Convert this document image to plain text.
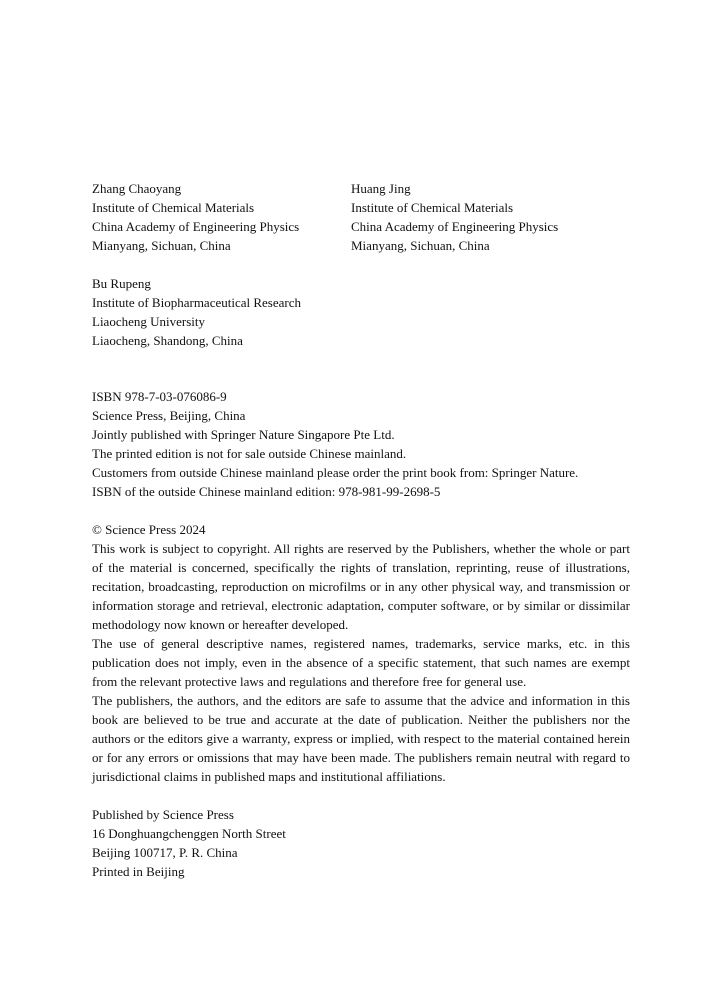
Zhang Chaoyang

Institute of Chemical Materials

China Academy of Engineering Physics

Mianyang, Sichuan, China

Huang Jing

Institute of Chemical Materials

China Academy of Engineering Physics

Mianyang, Sichuan, China

Bu Rupeng

Institute of Biopharmaceutical Research

Liaocheng University

Liaocheng, Shandong, China

ISBN 978-7-03-076086-9

Science Press, Beijing, China

Jointly published with Springer Nature Singapore Pte Ltd.

The printed edition is not for sale outside Chinese mainland.

Customers from outside Chinese mainland please order the print book from: Springer Nature.

ISBN of the outside Chinese mainland edition: 978-981-99-2698-5

© Science Press 2024

This work is subject to copyright. All rights are reserved by the Publishers, whether the whole or part of the material is concerned, specifically the rights of translation, reprinting, reuse of illustrations, recitation, broadcasting, reproduction on microfilms or in any other physical way, and transmission or information storage and retrieval, electronic adaptation, computer software, or by similar or dissimilar methodology now known or hereafter developed.

The use of general descriptive names, registered names, trademarks, service marks, etc. in this publication does not imply, even in the absence of a specific statement, that such names are exempt from the relevant protective laws and regulations and therefore free for general use.

The publishers, the authors, and the editors are safe to assume that the advice and information in this book are believed to be true and accurate at the date of publication. Neither the publishers nor the authors or the editors give a warranty, express or implied, with respect to the material contained herein or for any errors or omissions that may have been made. The publishers remain neutral with regard to jurisdictional claims in published maps and institutional affiliations.

Published by Science Press

16 Donghuangchenggen North Street

Beijing 100717, P. R. China

Printed in Beijing
